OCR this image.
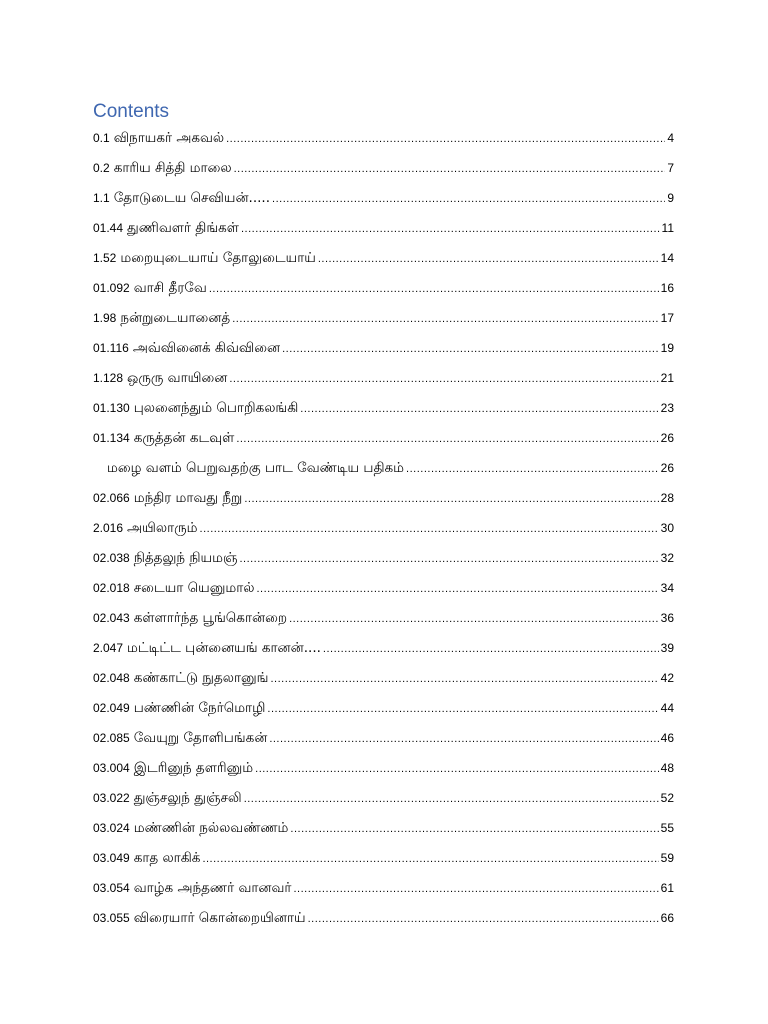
Contents
0.1 விநாயகர் அகவல் .....	4
0.2 காரிய சித்தி மாலை .....	7
1.1 தோடுடைய செவியன்..... .....	9
01.44 துணிவளர் திங்கள் .....	11
1.52 மறையுடையாய் தோலுடையாய் .....	14
01.092 வாசி தீரவே .....	16
1.98 நன்றுடையானைத் .....	17
01.116 அவ்வினைக் கிவ்வினை .....	19
1.128 ஒருரு வாயினை .....	21
01.130 புலனைந்தும் பொறிகலங்கி .....	23
01.134 கருத்தன் கடவுள் .....	26
மழை வளம் பெறுவதற்கு பாட வேண்டிய பதிகம் .....	26
02.066 மந்திர மாவது நீறு .....	28
2.016 அயிலாரும் .....	30
02.038 நித்தலுந் நியமஞ் .....	32
02.018 சடையா யெனுமால் .....	34
02.043 கள்ளார்ந்த பூங்கொன்றை .....	36
2.047 மட்டிட்ட புன்னையங் கானன்.... .....	39
02.048 கண்காட்டு நுதலானுங் .....	42
02.049 பண்ணின் நேர்மொழி .....	44
02.085 வேயுறு தோளிபங்கன் .....	46
03.004 இடரினுந் தளரினும் .....	48
03.022 துஞ்சலுந் துஞ்சலி .....	52
03.024 மண்ணின் நல்லவண்ணம் .....	55
03.049 காத லாகிக் .....	59
03.054 வாழ்க அந்தணர் வானவர் .....	61
03.055 விரையார் கொன்றையினாய் .....	66
